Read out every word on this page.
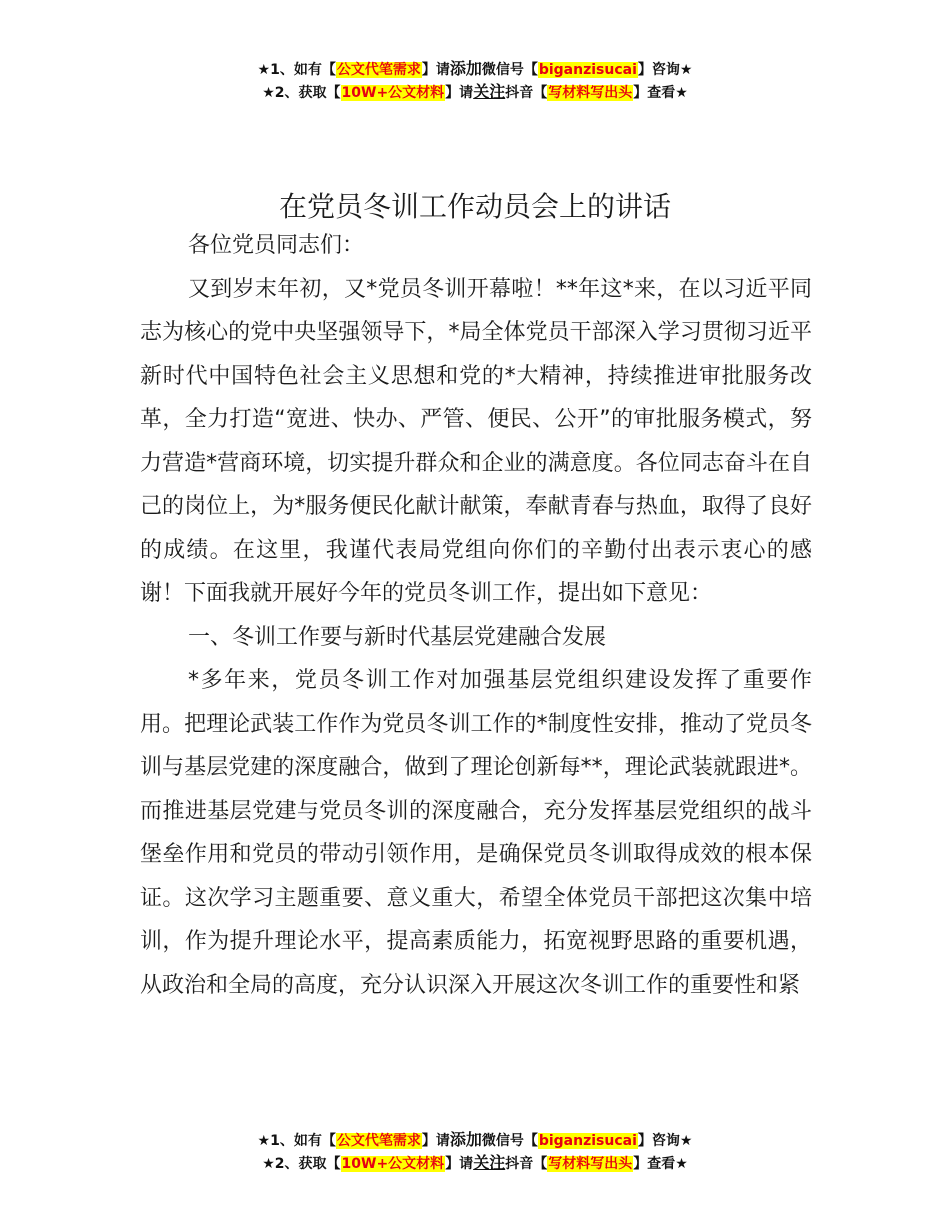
★1、如有【公文代笔需求】请添加微信号【biganzisucai】咨询★
★2、获取【10W+公文材料】请关注抖音【写材料写出头】查看★
在党员冬训工作动员会上的讲话

各位党员同志们：

又到岁末年初，又*党员冬训开幕啦！**年这*来，在以习近平同志为核心的党中央坚强领导下，*局全体党员干部深入学习贯彻习近平新时代中国特色社会主义思想和党的*大精神，持续推进审批服务改革，全力打造“宽进、快办、严管、便民、公开”的审批服务模式，努力营造*营商环境，切实提升群众和企业的满意度。各位同志奋斗在自己的岗位上，为*服务便民化献计献策，奉献青春与热血，取得了良好的成绩。在这里，我谨代表局党组向你们的辛勤付出表示衷心的感谢！下面我就开展好今年的党员冬训工作，提出如下意见：

一、冬训工作要与新时代基层党建融合发展

*多年来，党员冬训工作对加强基层党组织建设发挥了重要作用。把理论武装工作作为党员冬训工作的*制度性安排，推动了党员冬训与基层党建的深度融合，做到了理论创新每**，理论武装就跟进*。而推进基层党建与党员冬训的深度融合，充分发挥基层党组织的战斗堡垒作用和党员的带动引领作用，是确保党员冬训取得成效的根本保证。这次学习主题重要、意义重大，希望全体党员干部把这次集中培训，作为提升理论水平，提高素质能力，拓宽视野思路的重要机遇，从政治和全局的高度，充分认识深入开展这次冬训工作的重要性和紧

★1、如有【公文代笔需求】请添加微信号【biganzisucai】咨询★
★2、获取【10W+公文材料】请关注抖音【写材料写出头】查看★
